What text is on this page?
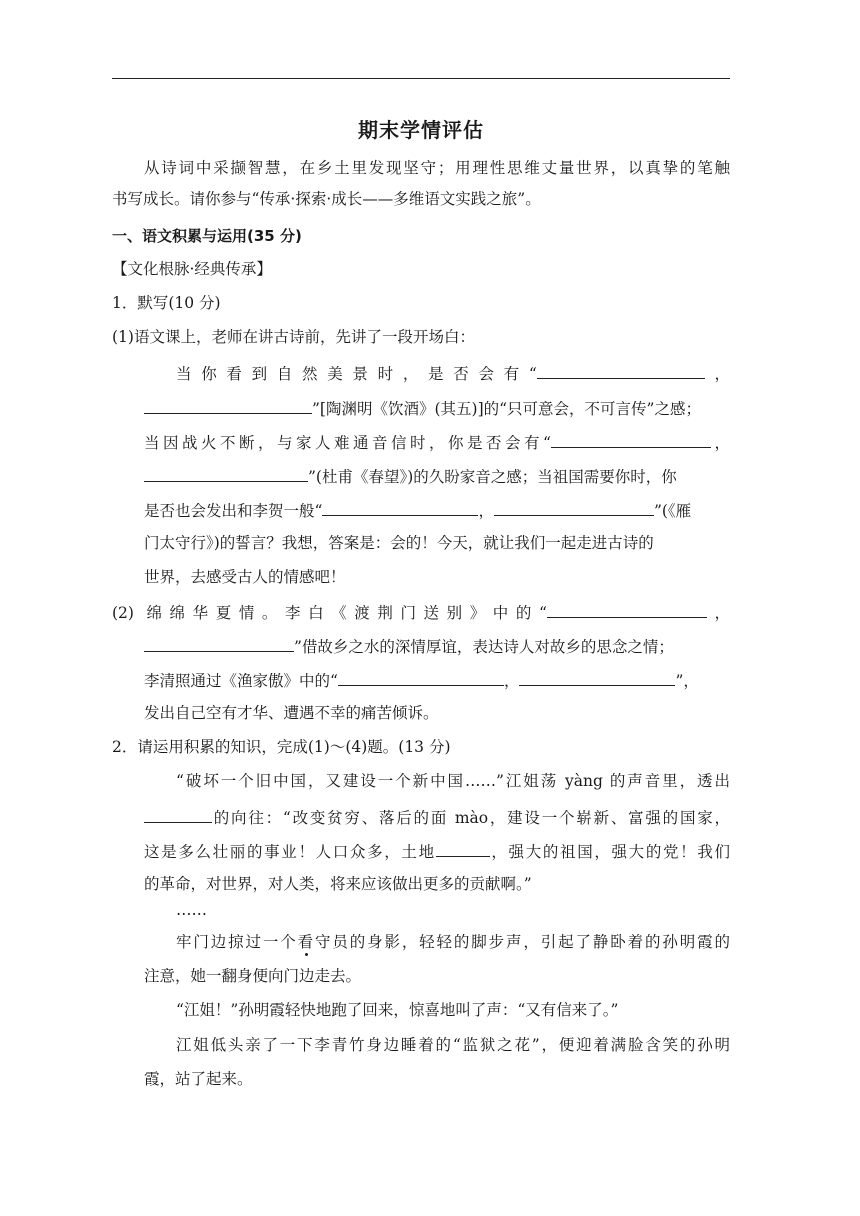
期末学情评估
从诗词中采撷智慧，在乡土里发现坚守；用理性思维丈量世界，以真挚的笔触
书写成长。请你参与“传承·探索·成长——多维语文实践之旅”。
一、语文积累与运用(35 分)
【文化根脉·经典传承】
1．默写(10 分)
(1)语文课上，老师在讲古诗前，先讲了一段开场白：
当你看到自然美景时，是否会有“	，
”[陶渊明《饮酒》(其五)]的“只可意会，不可言传”之感；
当因战火不断，与家人难通音信时，你是否会有“	，
”(杜甫《春望》)的久盼家音之感；当祖国需要你时，你
是否也会发出和李贺一般“	，	”(《雁
门太守行》)的誓言？我想，答案是：会的！今天，就让我们一起走进古诗的
世界，去感受古人的情感吧！
(2) 绵绵华夏情。李白《渡荆门送别》中的“	，
”借故乡之水的深情厚谊，表达诗人对故乡的思念之情；
李清照通过《渔家傲》中的“	，	”，
发出自己空有才华、遭遇不幸的痛苦倾诉。
2．请运用积累的知识，完成(1)～(4)题。(13 分)
“破坏一个旧中国，又建设一个新中国……”江姐荡 yàng 的声音里，透出
的向往：“改变贫穷、落后的面 mào，建设一个崭新、富强的国家，
这是多么壮丽的事业！人口众多，土地	，强大的祖国，强大的党！我们
的革命，对世界，对人类，将来应该做出更多的贡献啊。”
……
牢门边掠过一个看守员的身影，轻轻的脚步声，引起了静卧着的孙明霞的
注意，她一翻身便向门边走去。
“江姐！”孙明霞轻快地跑了回来，惊喜地叫了声：“又有信来了。”
江姐低头亲了一下李青竹身边睡着的“监狱之花”，便迎着满脸含笑的孙明
霞，站了起来。
